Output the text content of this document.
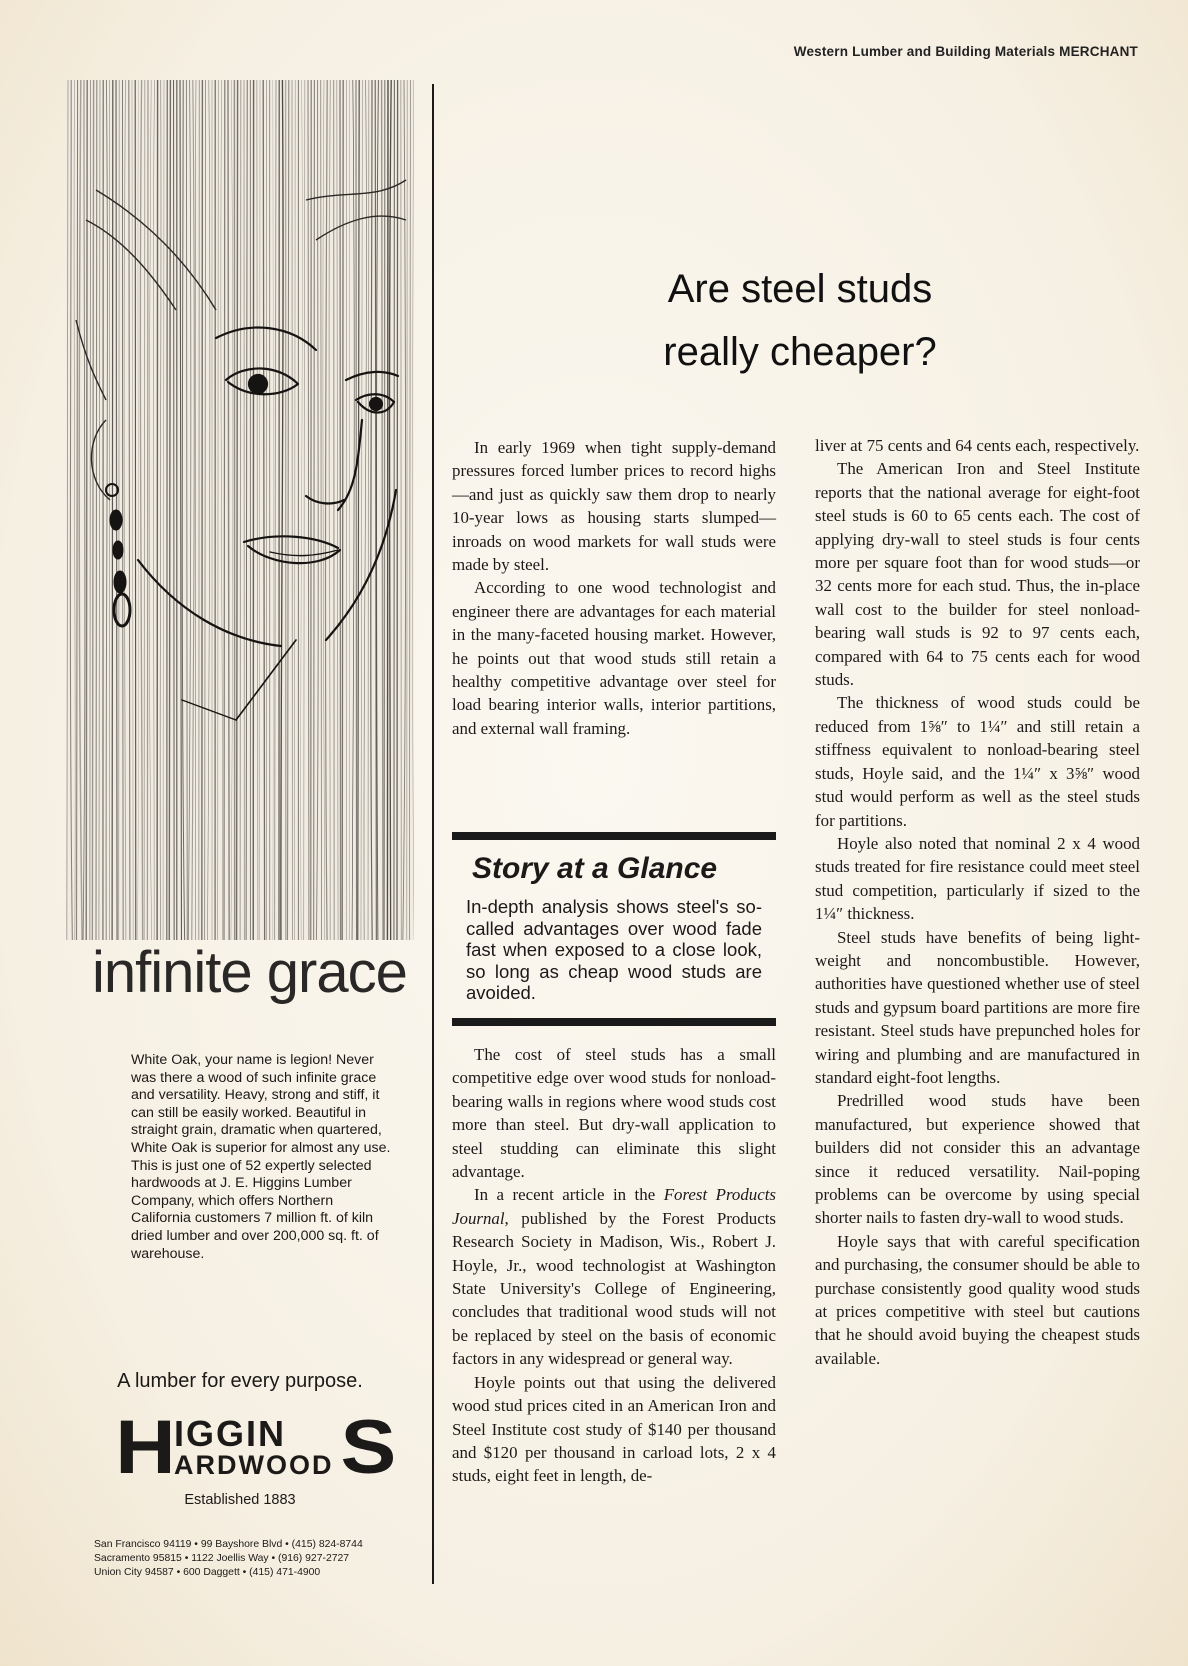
Western Lumber and Building Materials MERCHANT
infinite grace

White Oak, your name is legion! Never was there a wood of such infinite grace and versatility. Heavy, strong and stiff, it can still be easily worked. Beautiful in straight grain, dramatic when quartered, White Oak is superior for almost any use.

This is just one of 52 expertly selected hardwoods at J. E. Higgins Lumber Company, which offers Northern California customers 7 million ft. of kiln dried lumber and over 200,000 sq. ft. of warehouse.

A lumber for every purpose.
H
IGGIN
ARDWOOD S
Established 1883
San Francisco 94119 • 99 Bayshore Blvd • (415) 824-8744
Sacramento 95815 • 1122 Joellis Way • (916) 927-2727
Union City 94587 • 600 Daggett • (415) 471-4900
Are steel studs
really cheaper?

In early 1969 when tight supply-demand pressures forced lumber prices to record highs—and just as quickly saw them drop to nearly 10-year lows as housing starts slumped—inroads on wood markets for wall studs were made by steel.

According to one wood technologist and engineer there are advantages for each material in the many-faceted housing market. However, he points out that wood studs still retain a healthy competitive advantage over steel for load bearing interior walls, interior partitions, and external wall framing.

Story at a Glance
In-depth analysis shows steel's so-called advantages over wood fade fast when exposed to a close look, so long as cheap wood studs are avoided.

The cost of steel studs has a small competitive edge over wood studs for nonload-bearing walls in regions where wood studs cost more than steel. But dry-wall application to steel studding can eliminate this slight advantage.

In a recent article in the Forest Products Journal, published by the Forest Products Research Society in Madison, Wis., Robert J. Hoyle, Jr., wood technologist at Washington State University's College of Engineering, concludes that traditional wood studs will not be replaced by steel on the basis of economic factors in any widespread or general way.

Hoyle points out that using the delivered wood stud prices cited in an American Iron and Steel Institute cost study of $140 per thousand and $120 per thousand in carload lots, 2 x 4 studs, eight feet in length, de-

liver at 75 cents and 64 cents each, respectively.

The American Iron and Steel Institute reports that the national average for eight-foot steel studs is 60 to 65 cents each. The cost of applying dry-wall to steel studs is four cents more per square foot than for wood studs—or 32 cents more for each stud. Thus, the in-place wall cost to the builder for steel nonload-bearing wall studs is 92 to 97 cents each, compared with 64 to 75 cents each for wood studs.

The thickness of wood studs could be reduced from 1⅝″ to 1¼″ and still retain a stiffness equivalent to nonload-bearing steel studs, Hoyle said, and the 1¼″ x 3⅝″ wood stud would perform as well as the steel studs for partitions.

Hoyle also noted that nominal 2 x 4 wood studs treated for fire resistance could meet steel stud competition, particularly if sized to the 1¼″ thickness.

Steel studs have benefits of being light-weight and noncombustible. However, authorities have questioned whether use of steel studs and gypsum board partitions are more fire resistant. Steel studs have prepunched holes for wiring and plumbing and are manufactured in standard eight-foot lengths.

Predrilled wood studs have been manufactured, but experience showed that builders did not consider this an advantage since it reduced versatility. Nail-poping problems can be overcome by using special shorter nails to fasten dry-wall to wood studs.

Hoyle says that with careful specification and purchasing, the consumer should be able to purchase consistently good quality wood studs at prices competitive with steel but cautions that he should avoid buying the cheapest studs available.
